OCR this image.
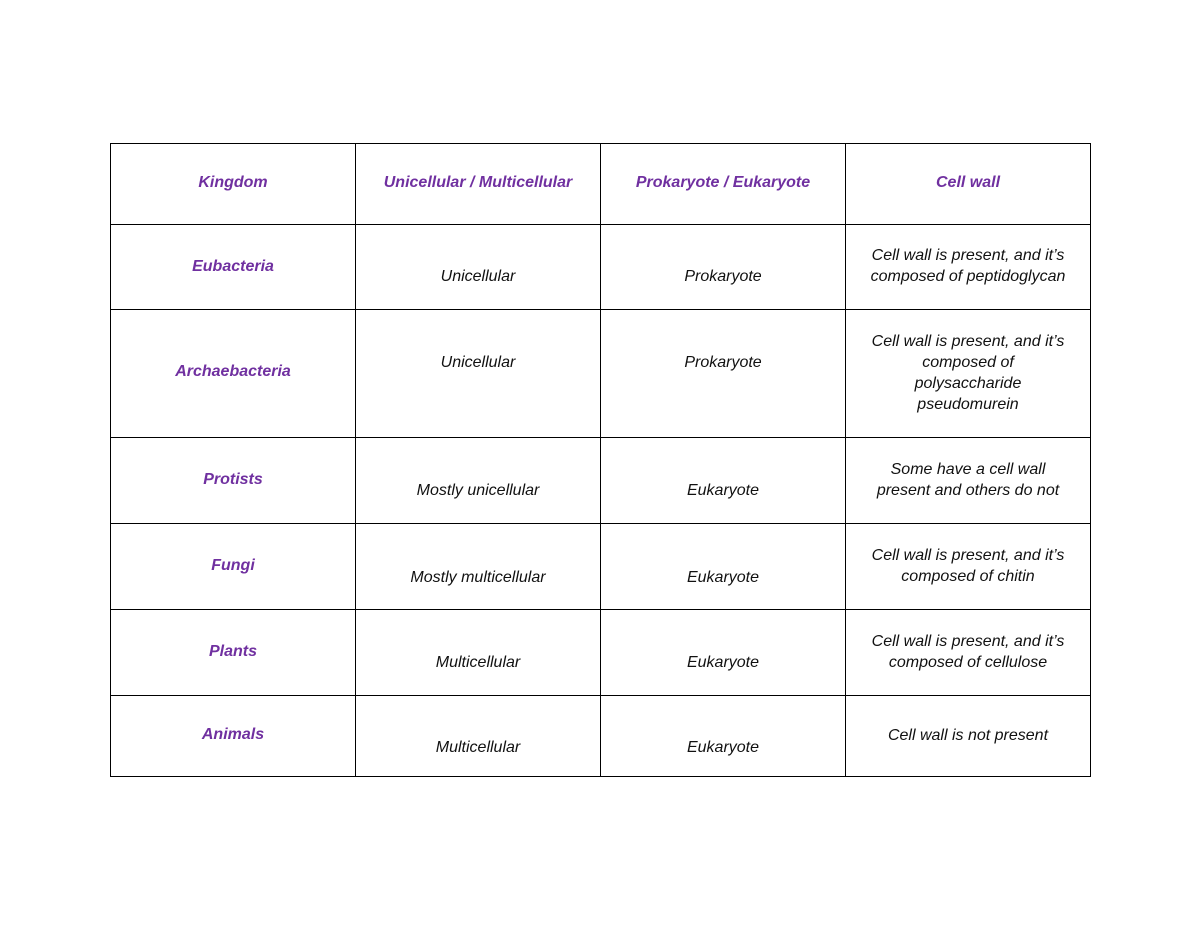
Kingdom	Unicellular / Multicellular	Prokaryote / Eukaryote	Cell wall

Eubacteria	Unicellular	Prokaryote	Cell wall is present, and it’s
composed of peptidoglycan

Archaebacteria	Unicellular	Prokaryote	Cell wall is present, and it’s
composed of
polysaccharide
pseudomurein

Protists	Mostly unicellular	Eukaryote	Some have a cell wall
present and others do not

Fungi	Mostly multicellular	Eukaryote	Cell wall is present, and it’s
composed of chitin

Plants	Multicellular	Eukaryote	Cell wall is present, and it’s
composed of cellulose

Animals	Multicellular	Eukaryote	Cell wall is not present
